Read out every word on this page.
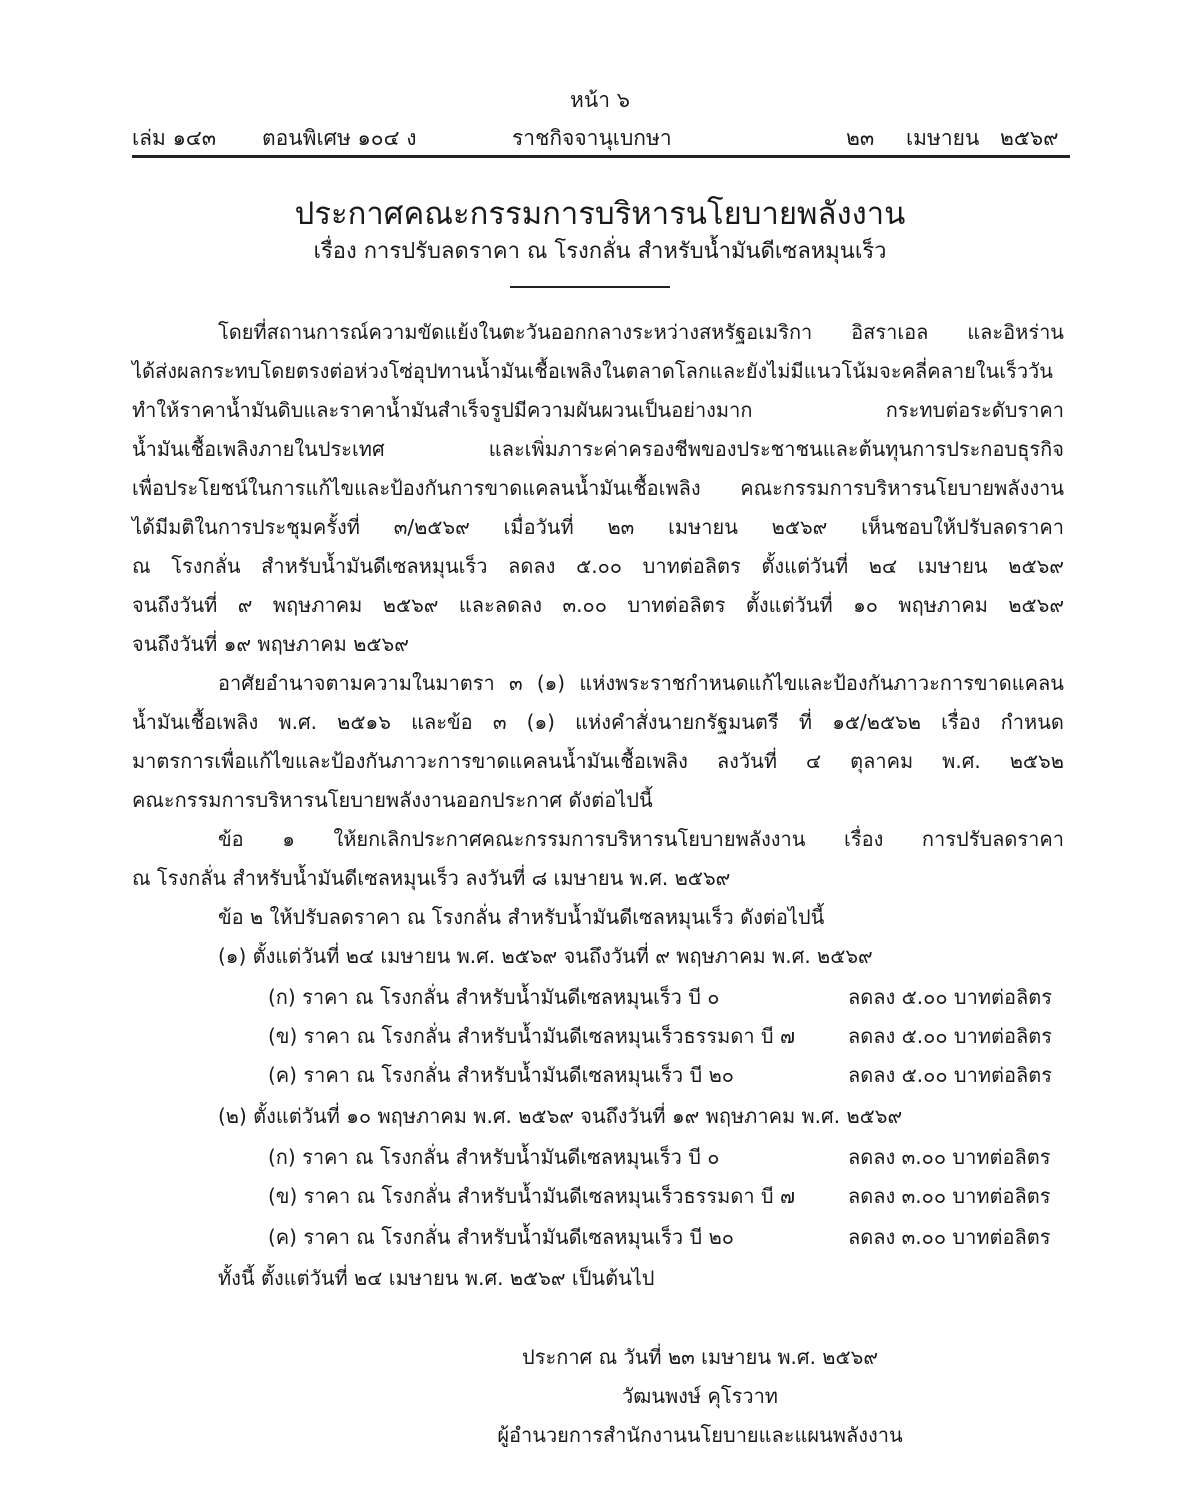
หน้า ๖
เล่ม ๑๔๓ ตอนพิเศษ ๑๐๔ ง	ราชกิจจานุเบกษา	๒๓ เมษายน ๒๕๖๙
ประกาศคณะกรรมการบริหารนโยบายพลังงาน
เรื่อง การปรับลดราคา ณ โรงกลั่น สำหรับน้ำมันดีเซลหมุนเร็ว
โดยที่สถานการณ์ความขัดแย้งในตะวันออกกลางระหว่างสหรัฐอเมริกา อิสราเอล และอิหร่าน
ได้ส่งผลกระทบโดยตรงต่อห่วงโซ่อุปทานน้ำมันเชื้อเพลิงในตลาดโลกและยังไม่มีแนวโน้มจะคลี่คลายในเร็ววัน
ทำให้ราคาน้ำมันดิบและราคาน้ำมันสำเร็จรูปมีความผันผวนเป็นอย่างมาก	กระทบต่อระดับราคา
น้ำมันเชื้อเพลิงภายในประเทศ	และเพิ่มภาระค่าครองชีพของประชาชนและต้นทุนการประกอบธุรกิจ
เพื่อประโยชน์ในการแก้ไขและป้องกันการขาดแคลนน้ำมันเชื้อเพลิง คณะกรรมการบริหารนโยบายพลังงาน
ได้มีมติในการประชุมครั้งที่ ๓/๒๕๖๙ เมื่อวันที่ ๒๓ เมษายน ๒๕๖๙ เห็นชอบให้ปรับลดราคา
ณ โรงกลั่น สำหรับน้ำมันดีเซลหมุนเร็ว ลดลง ๕.๐๐ บาทต่อลิตร ตั้งแต่วันที่ ๒๔ เมษายน ๒๕๖๙
จนถึงวันที่ ๙ พฤษภาคม ๒๕๖๙ และลดลง ๓.๐๐ บาทต่อลิตร ตั้งแต่วันที่ ๑๐ พฤษภาคม ๒๕๖๙
จนถึงวันที่ ๑๙ พฤษภาคม ๒๕๖๙
อาศัยอำนาจตามความในมาตรา ๓ (๑) แห่งพระราชกำหนดแก้ไขและป้องกันภาวะการขาดแคลน
น้ำมันเชื้อเพลิง พ.ศ. ๒๕๑๖ และข้อ ๓ (๑) แห่งคำสั่งนายกรัฐมนตรี ที่ ๑๕/๒๕๖๒ เรื่อง กำหนด
มาตรการเพื่อแก้ไขและป้องกันภาวะการขาดแคลนน้ำมันเชื้อเพลิง ลงวันที่ ๔ ตุลาคม พ.ศ. ๒๕๖๒
คณะกรรมการบริหารนโยบายพลังงานออกประกาศ ดังต่อไปนี้
ข้อ ๑ ให้ยกเลิกประกาศคณะกรรมการบริหารนโยบายพลังงาน เรื่อง การปรับลดราคา
ณ โรงกลั่น สำหรับน้ำมันดีเซลหมุนเร็ว ลงวันที่ ๘ เมษายน พ.ศ. ๒๕๖๙
ข้อ ๒ ให้ปรับลดราคา ณ โรงกลั่น สำหรับน้ำมันดีเซลหมุนเร็ว ดังต่อไปนี้
(๑) ตั้งแต่วันที่ ๒๔ เมษายน พ.ศ. ๒๕๖๙ จนถึงวันที่ ๙ พฤษภาคม พ.ศ. ๒๕๖๙
(ก) ราคา ณ โรงกลั่น สำหรับน้ำมันดีเซลหมุนเร็ว บี ๐	ลดลง ๕.๐๐ บาทต่อลิตร
(ข) ราคา ณ โรงกลั่น สำหรับน้ำมันดีเซลหมุนเร็วธรรมดา บี ๗	ลดลง ๕.๐๐ บาทต่อลิตร
(ค) ราคา ณ โรงกลั่น สำหรับน้ำมันดีเซลหมุนเร็ว บี ๒๐	ลดลง ๕.๐๐ บาทต่อลิตร
(๒) ตั้งแต่วันที่ ๑๐ พฤษภาคม พ.ศ. ๒๕๖๙ จนถึงวันที่ ๑๙ พฤษภาคม พ.ศ. ๒๕๖๙
(ก) ราคา ณ โรงกลั่น สำหรับน้ำมันดีเซลหมุนเร็ว บี ๐	ลดลง ๓.๐๐ บาทต่อลิตร
(ข) ราคา ณ โรงกลั่น สำหรับน้ำมันดีเซลหมุนเร็วธรรมดา บี ๗	ลดลง ๓.๐๐ บาทต่อลิตร
(ค) ราคา ณ โรงกลั่น สำหรับน้ำมันดีเซลหมุนเร็ว บี ๒๐	ลดลง ๓.๐๐ บาทต่อลิตร
ทั้งนี้ ตั้งแต่วันที่ ๒๔ เมษายน พ.ศ. ๒๕๖๙ เป็นต้นไป
ประกาศ ณ วันที่ ๒๓ เมษายน พ.ศ. ๒๕๖๙
วัฒนพงษ์ คุโรวาท
ผู้อำนวยการสำนักงานนโยบายและแผนพลังงาน
